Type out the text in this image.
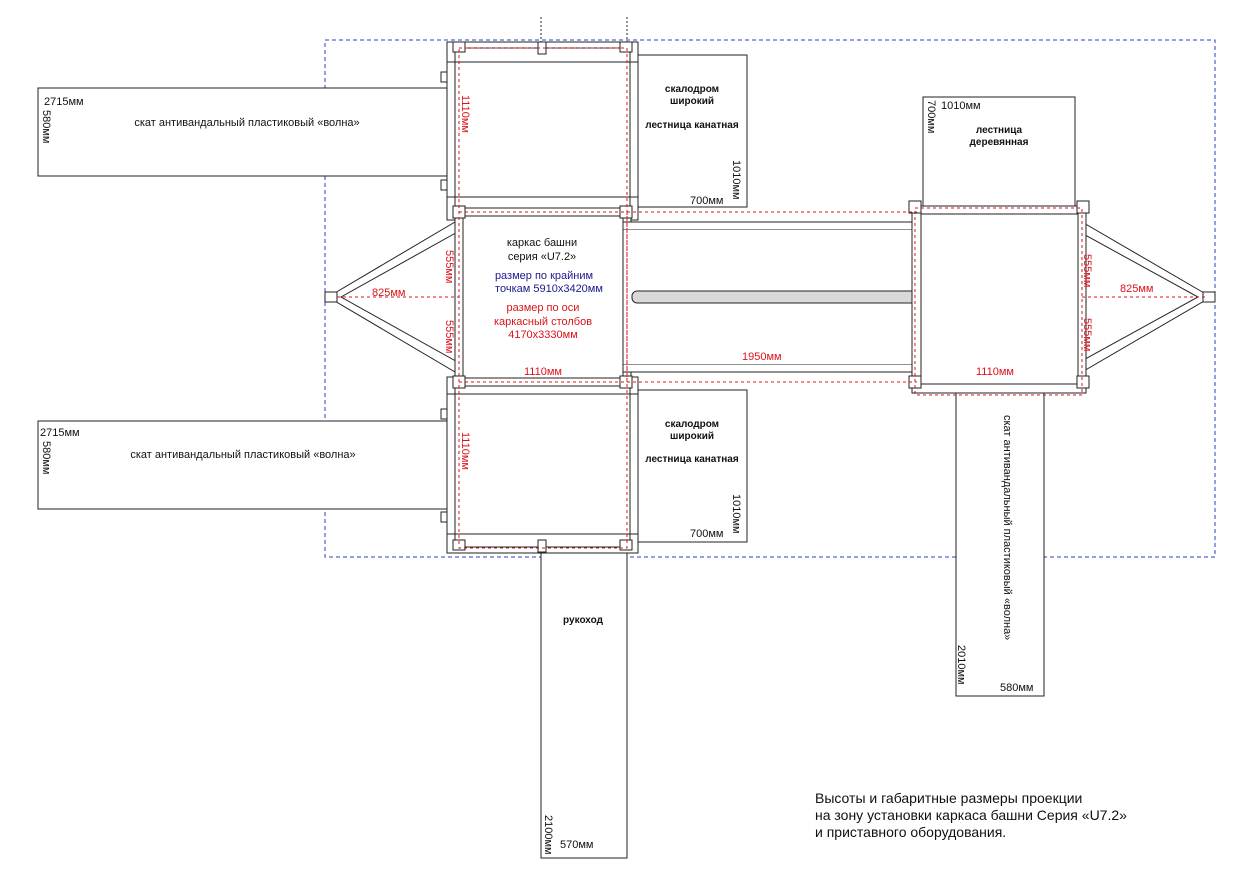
2715мм
580мм	скат антивандальный пластиковый «волна»
2715мм
580мм	скат антивандальный пластиковый «волна»
скалодром
широкий
лестница канатная
1010мм
700мм
скалодром
широкий
лестница канатная
1010мм
700мм
1010мм
700мм	лестница
деревянная
скат антивандальный пластиковый «волна»
2010мм
580мм
рукоход
2100мм 570мм
1110мм
1110мм
1110мм	1110мм
1950мм
555мм
555мм
555мм
555мм
825мм	825мм
каркас башни
серия «U7.2»
размер по крайним
точкам 5910х3420мм
размер по оси
каркасный столбов
4170х3330мм
Высоты и габаритные размеры проекции
на зону установки каркаса башни Серия «U7.2»
и приставного оборудования.
